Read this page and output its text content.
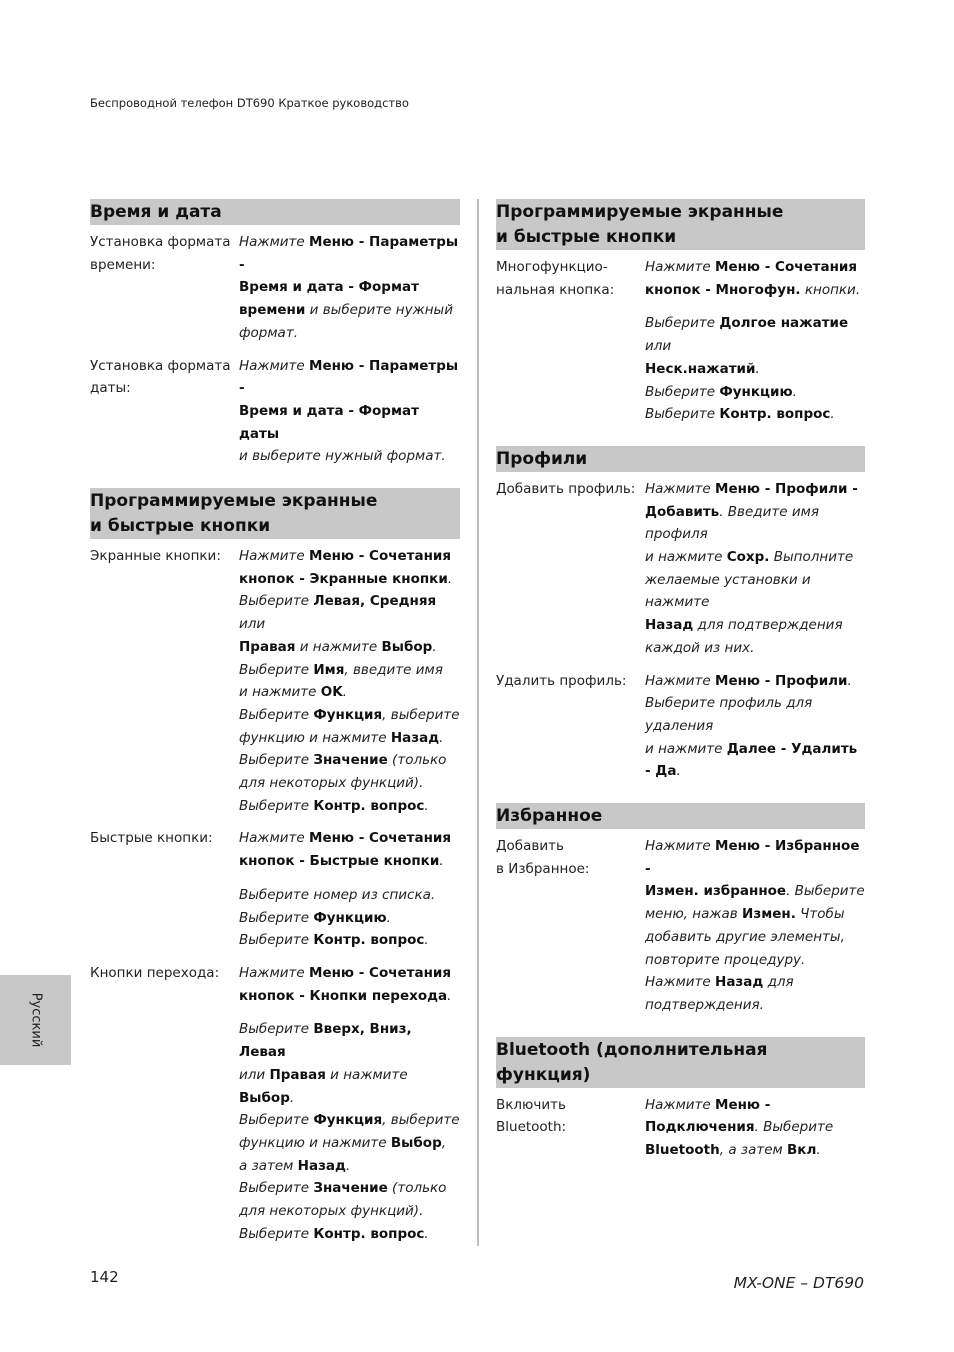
Беспроводной телефон DT690 Краткое руководство
Время и дата
Установка формата
времени:
Нажмите Меню - Параметры -
Время и дата - Формат
времени и выберите нужный
формат.
Установка формата
даты:
Нажмите Меню - Параметры -
Время и дата - Формат даты
и выберите нужный формат.
Программируемые экранные
и быстрые кнопки
Экранные кнопки:	Нажмите Меню - Сочетания
кнопок - Экранные кнопки.
Выберите Левая, Средняя или
Правая и нажмите Выбор.
Выберите Имя, введите имя
и нажмите OK.
Выберите Функция, выберите
функцию и нажмите Назад.
Выберите Значение (только
для некоторых функций).
Выберите Контр. вопрос.
Быстрые кнопки:	Нажмите Меню - Сочетания
кнопок - Быстрые кнопки.
Выберите номер из списка.
Выберите Функцию.
Выберите Контр. вопрос.
Кнопки перехода:	Нажмите Меню - Сочетания
кнопок - Кнопки перехода.
Выберите Вверх, Вниз, Левая
или Правая и нажмите Выбор.
Выберите Функция, выберите
функцию и нажмите Выбор,
а затем Назад.
Выберите Значение (только
для некоторых функций).
Выберите Контр. вопрос.
Программируемые экранные
и быстрые кнопки
Многофункцио-
нальная кнопка:
Нажмите Меню - Сочетания
кнопок - Многофун. кнопки.
Выберите Долгое нажатие или
Неск.нажатий.
Выберите Функцию.
Выберите Контр. вопрос.
Профили
Добавить профиль: Нажмите Меню - Профили -
Добавить. Введите имя профиля
и нажмите Сохр. Выполните
желаемые установки и нажмите
Назад для подтверждения
каждой из них.
Удалить профиль:	Нажмите Меню - Профили.
Выберите профиль для удаления
и нажмите Далее - Удалить - Да.
Избранное
Добавить
в Избранное:
Нажмите Меню - Избранное -
Измен. избранное. Выберите
меню, нажав Измен. Чтобы
добавить другие элементы,
повторите процедуру.
Нажмите Назад для
подтверждения.
Bluetooth (дополнительная функция)
Включить
Bluetooth:
Нажмите Меню -
Подключения. Выберите
Bluetooth, а затем Вкл.
Русский
142	MX-ONE – DT690
